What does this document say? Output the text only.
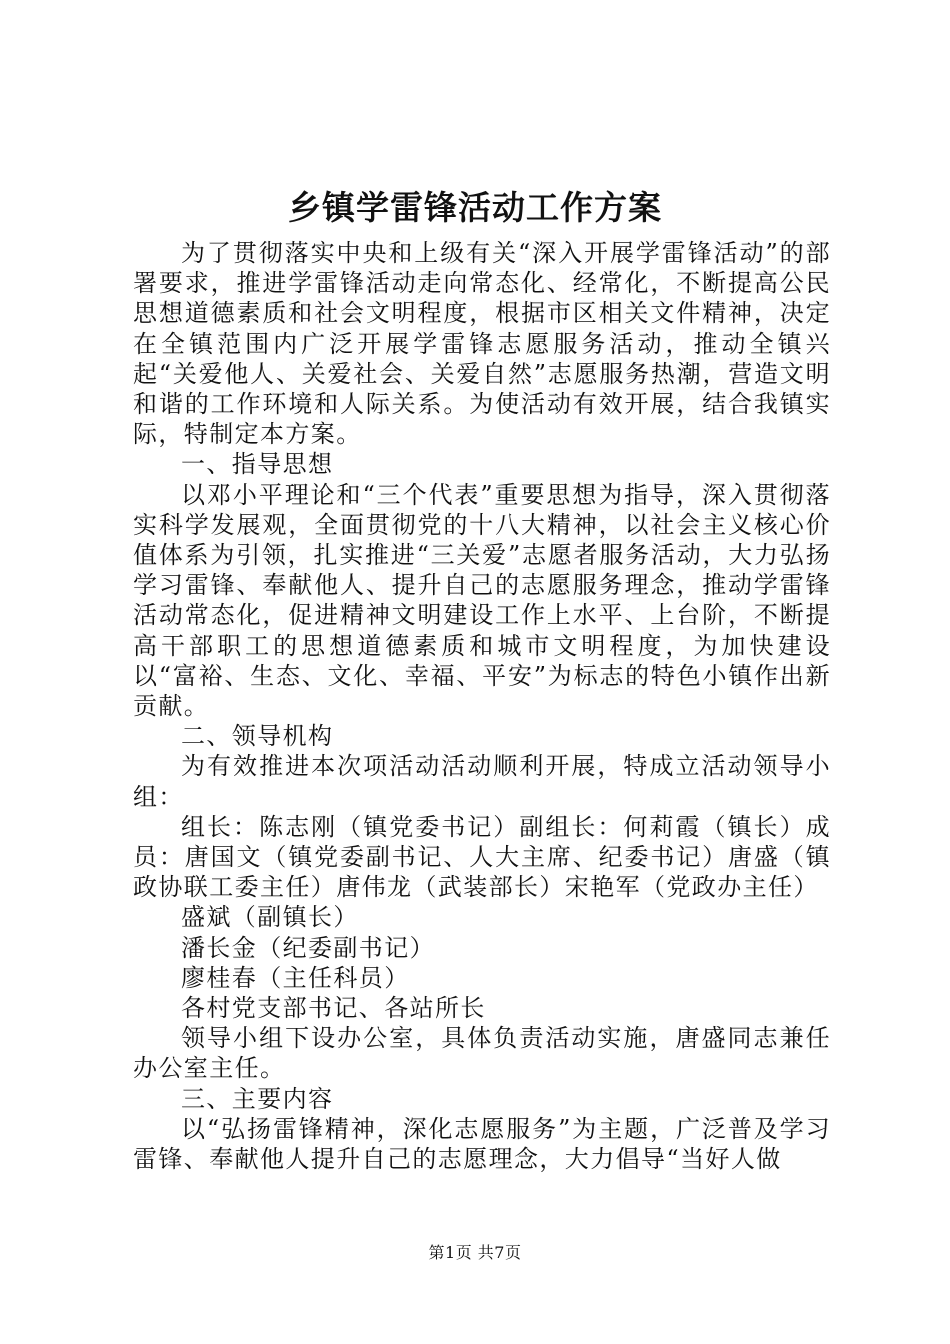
乡镇学雷锋活动工作方案

为了贯彻落实中央和上级有关“深入开展学雷锋活动”的部署要求，推进学雷锋活动走向常态化、经常化，不断提高公民思想道德素质和社会文明程度，根据市区相关文件精神，决定在全镇范围内广泛开展学雷锋志愿服务活动，推动全镇兴起“关爱他人、关爱社会、关爱自然”志愿服务热潮，营造文明和谐的工作环境和人际关系。为使活动有效开展，结合我镇实际，特制定本方案。

一、指导思想

以邓小平理论和“三个代表”重要思想为指导，深入贯彻落实科学发展观，全面贯彻党的十八大精神，以社会主义核心价值体系为引领，扎实推进“三关爱”志愿者服务活动，大力弘扬学习雷锋、奉献他人、提升自己的志愿服务理念，推动学雷锋活动常态化，促进精神文明建设工作上水平、上台阶，不断提高干部职工的思想道德素质和城市文明程度，为加快建设以“富裕、生态、文化、幸福、平安”为标志的特色小镇作出新贡献。

二、领导机构

为有效推进本次项活动活动顺利开展，特成立活动领导小组：

组长：陈志刚（镇党委书记）副组长：何莉霞（镇长）成员：唐国文（镇党委副书记、人大主席、纪委书记）唐盛（镇政协联工委主任）唐伟龙（武装部长）宋艳军（党政办主任）

盛斌（副镇长）

潘长金（纪委副书记）

廖桂春（主任科员）

各村党支部书记、各站所长

领导小组下设办公室，具体负责活动实施，唐盛同志兼任办公室主任。

三、主要内容

以“弘扬雷锋精神，深化志愿服务”为主题，广泛普及学习雷锋、奉献他人提升自己的志愿理念，大力倡导“当好人做

第1页 共7页
